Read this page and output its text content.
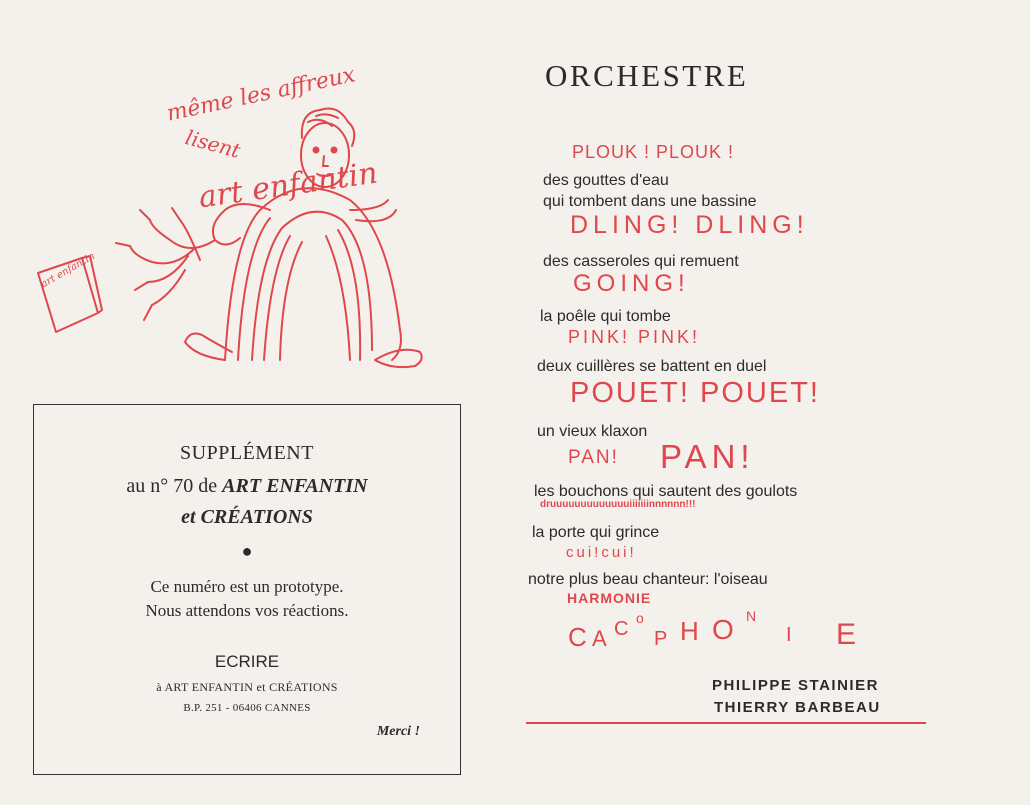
même les affreux
lisent
art enfantin
art enfantin
SUPPLÉMENT
au n° 70 de ART ENFANTIN
et CRÉATIONS
●
Ce numéro est un prototype.
Nous attendons vos réactions.
ECRIRE
à ART ENFANTIN et CRÉATIONS
B.P. 251 - 06406 CANNES
Merci !
ORCHESTRE
PLOUK ! PLOUK !
des gouttes d'eau
qui tombent dans une bassine
DLING! DLING!
des casseroles qui remuent
GOING!
la poêle qui tombe
PINK! PINK!
deux cuillères se battent en duel
POUET! POUET!
un vieux klaxon
PAN! PAN!
les bouchons qui sautent des goulots
druuuuuuuuuuuuuiiiiiiinnnnnn!!!
la porte qui grince
cui!cui!
notre plus beau chanteur: l'oiseau
HARMONIE
C A C o
P H O N
I E
PHILIPPE STAINIER
THIERRY BARBEAU
